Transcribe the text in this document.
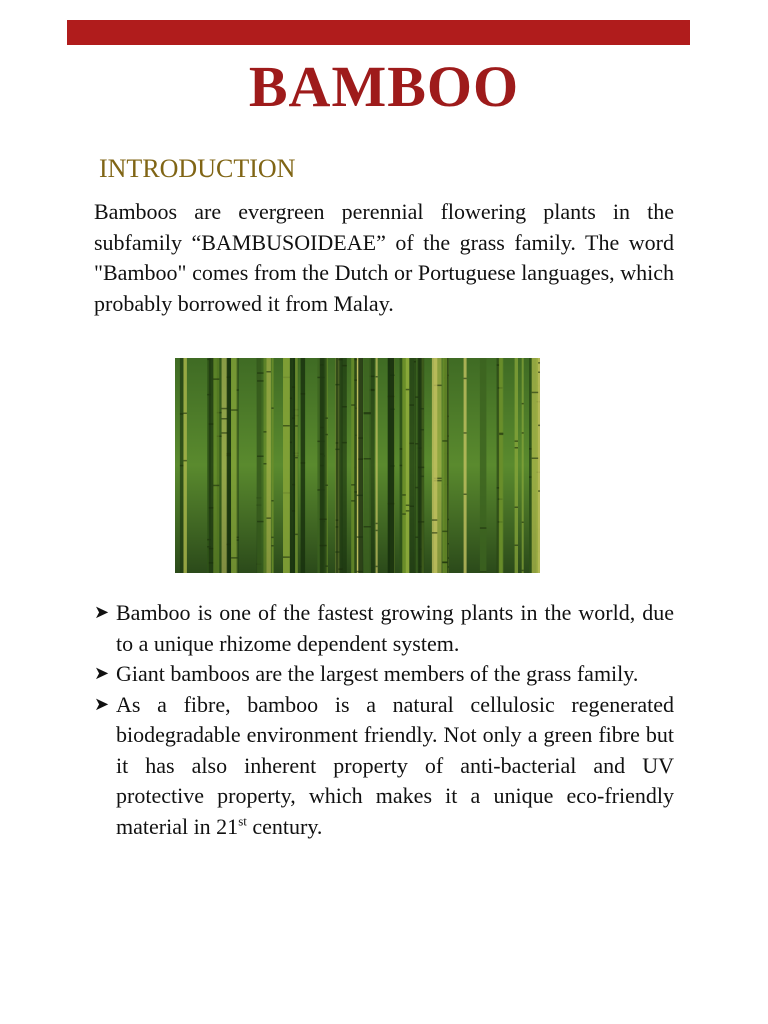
BAMBOO
INTRODUCTION

Bamboos are evergreen perennial flowering plants in the subfamily “BAMBUSOIDEAE” of the grass family. The word "Bamboo" comes from the Dutch or Portuguese languages, which probably borrowed it from Malay.

➤ Bamboo is one of the fastest growing plants in the world, due to a unique rhizome dependent system.
➤ Giant bamboos are the largest members of the grass family.
➤ As a fibre, bamboo is a natural cellulosic regenerated biodegradable environment friendly. Not only a green fibre but it has also inherent property of anti-bacterial and UV protective property, which makes it a unique eco-friendly material in 21st century.
